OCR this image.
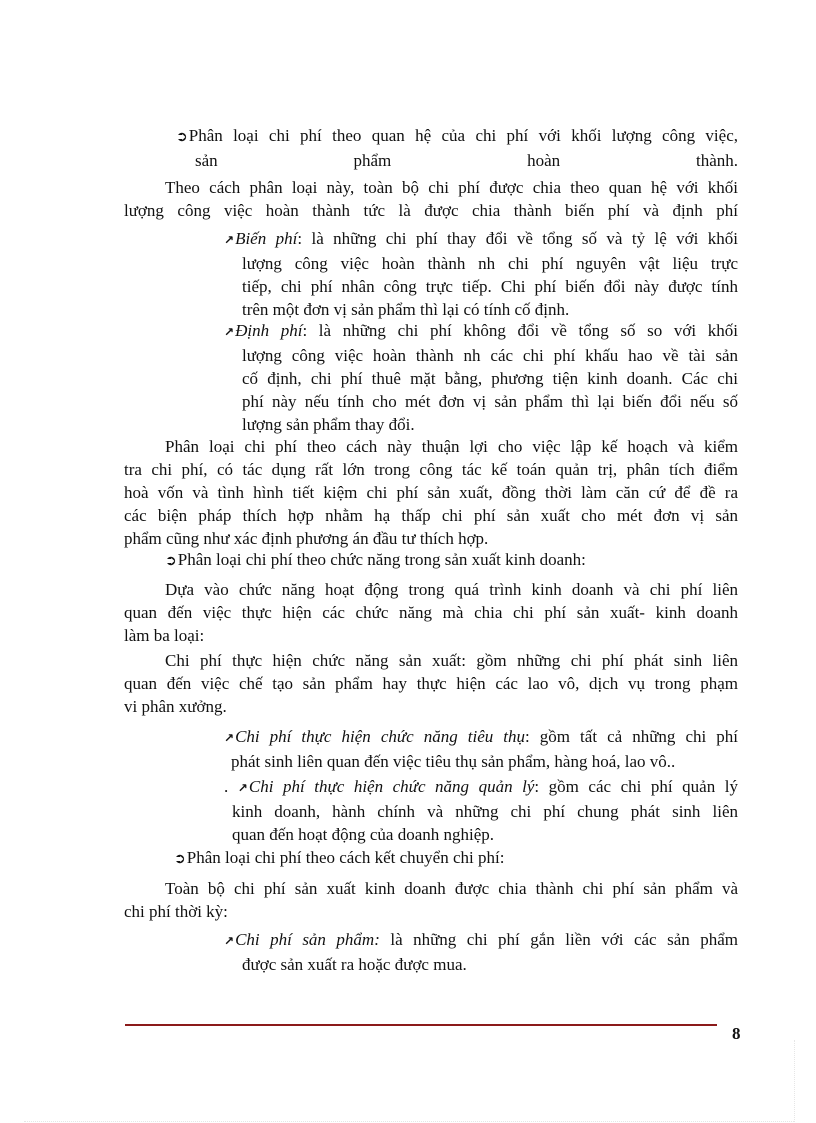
➲Phân loại chi phí theo quan hệ của chi phí với khối lượng công việc,
sản phẩm hoàn thành.
Theo cách phân loại này, toàn bộ chi phí được chia theo quan hệ với khối
lượng công việc hoàn thành tức là được chia thành biến phí và định phí
↗Biến phí: là những chi phí thay đổi về tổng số và tỷ lệ với khối
lượng công việc hoàn thành nh chi phí nguyên vật liệu trực
tiếp, chi phí nhân công trực tiếp. Chi phí biến đổi này được tính
trên một đơn vị sản phẩm thì lại có tính cố định.
↗Định phí: là những chi phí không đổi về tổng số so với khối
lượng công việc hoàn thành nh các chi phí khấu hao về tài sản
cố định, chi phí thuê mặt bằng, phương tiện kinh doanh. Các chi
phí này nếu tính cho mét đơn vị sản phẩm thì lại biến đổi nếu số
lượng sản phẩm thay đổi.
Phân loại chi phí theo cách này thuận lợi cho việc lập kế hoạch và kiểm
tra chi phí, có tác dụng rất lớn trong công tác kế toán quản trị, phân tích điểm
hoà vốn và tình hình tiết kiệm chi phí sản xuất, đồng thời làm căn cứ để đề ra
các biện pháp thích hợp nhằm hạ thấp chi phí sản xuất cho mét đơn vị sản
phẩm cũng như xác định phương án đầu tư thích hợp.
➲Phân loại chi phí theo chức năng trong sản xuất kinh doanh:
Dựa vào chức năng hoạt động trong quá trình kinh doanh và chi phí liên
quan đến việc thực hiện các chức năng mà chia chi phí sản xuất- kinh doanh
làm ba loại:
Chi phí thực hiện chức năng sản xuất: gồm những chi phí phát sinh liên
quan đến việc chế tạo sản phẩm hay thực hiện các lao vô, dịch vụ trong phạm
vi phân xưởng.
↗Chi phí thực hiện chức năng tiêu thụ: gồm tất cả những chi phí
phát sinh liên quan đến việc tiêu thụ sản phẩm, hàng hoá, lao vô..
. ↗Chi phí thực hiện chức năng quản lý: gồm các chi phí quản lý
kinh doanh, hành chính và những chi phí chung phát sinh liên
quan đến hoạt động của doanh nghiệp.
➲Phân loại chi phí theo cách kết chuyển chi phí:
Toàn bộ chi phí sản xuất kinh doanh được chia thành chi phí sản phẩm và
chi phí thời kỳ:
↗Chi phí sản phẩm: là những chi phí gắn liền với các sản phẩm
được sản xuất ra hoặc được mua.
8
